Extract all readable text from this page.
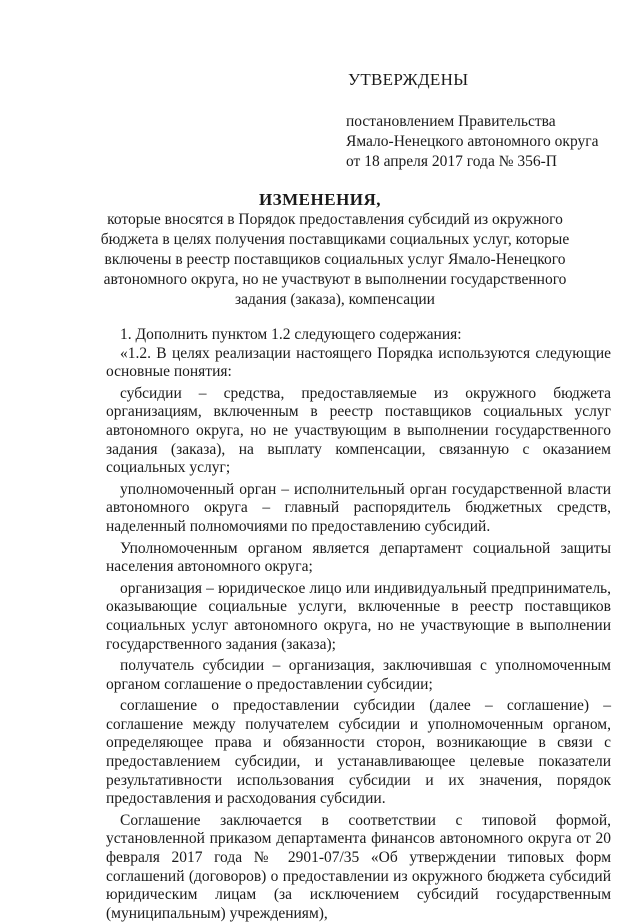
УТВЕРЖДЕНЫ
постановлением Правительства
Ямало-Ненецкого автономного округа
от 18 апреля 2017 года № 356-П
ИЗМЕНЕНИЯ,
которые вносятся в Порядок предоставления субсидий из окружного
бюджета в целях получения поставщиками социальных услуг, которые
включены в реестр поставщиков социальных услуг Ямало-Ненецкого
автономного округа, но не участвуют в выполнении государственного
задания (заказа), компенсации

1. Дополнить пунктом 1.2 следующего содержания:

«1.2. В целях реализации настоящего Порядка используются следующие основные понятия:

субсидии – средства, предоставляемые из окружного бюджета организациям, включенным в реестр поставщиков социальных услуг автономного округа, но не участвующим в выполнении государственного задания (заказа), на выплату компенсации, связанную с оказанием социальных услуг;

уполномоченный орган – исполнительный орган государственной власти автономного округа – главный распорядитель бюджетных средств, наделенный полномочиями по предоставлению субсидий.

Уполномоченным органом является департамент социальной защиты населения автономного округа;

организация – юридическое лицо или индивидуальный предприниматель, оказывающие социальные услуги, включенные в реестр поставщиков социальных услуг автономного округа, но не участвующие в выполнении государственного задания (заказа);

получатель субсидии – организация, заключившая с уполномоченным органом соглашение о предоставлении субсидии;

соглашение о предоставлении субсидии (далее – соглашение) – соглашение между получателем субсидии и уполномоченным органом, определяющее права и обязанности сторон, возникающие в связи с предоставлением субсидии, и устанавливающее целевые показатели результативности использования субсидии и их значения, порядок предоставления и расходования субсидии.

Соглашение заключается в соответствии с типовой формой, установленной приказом департамента финансов автономного округа от 20 февраля 2017 года № 2901-07/35 «Об утверждении типовых форм соглашений (договоров) о предоставлении из окружного бюджета субсидий юридическим лицам (за исключением субсидий государственным (муниципальным) учреждениям),
